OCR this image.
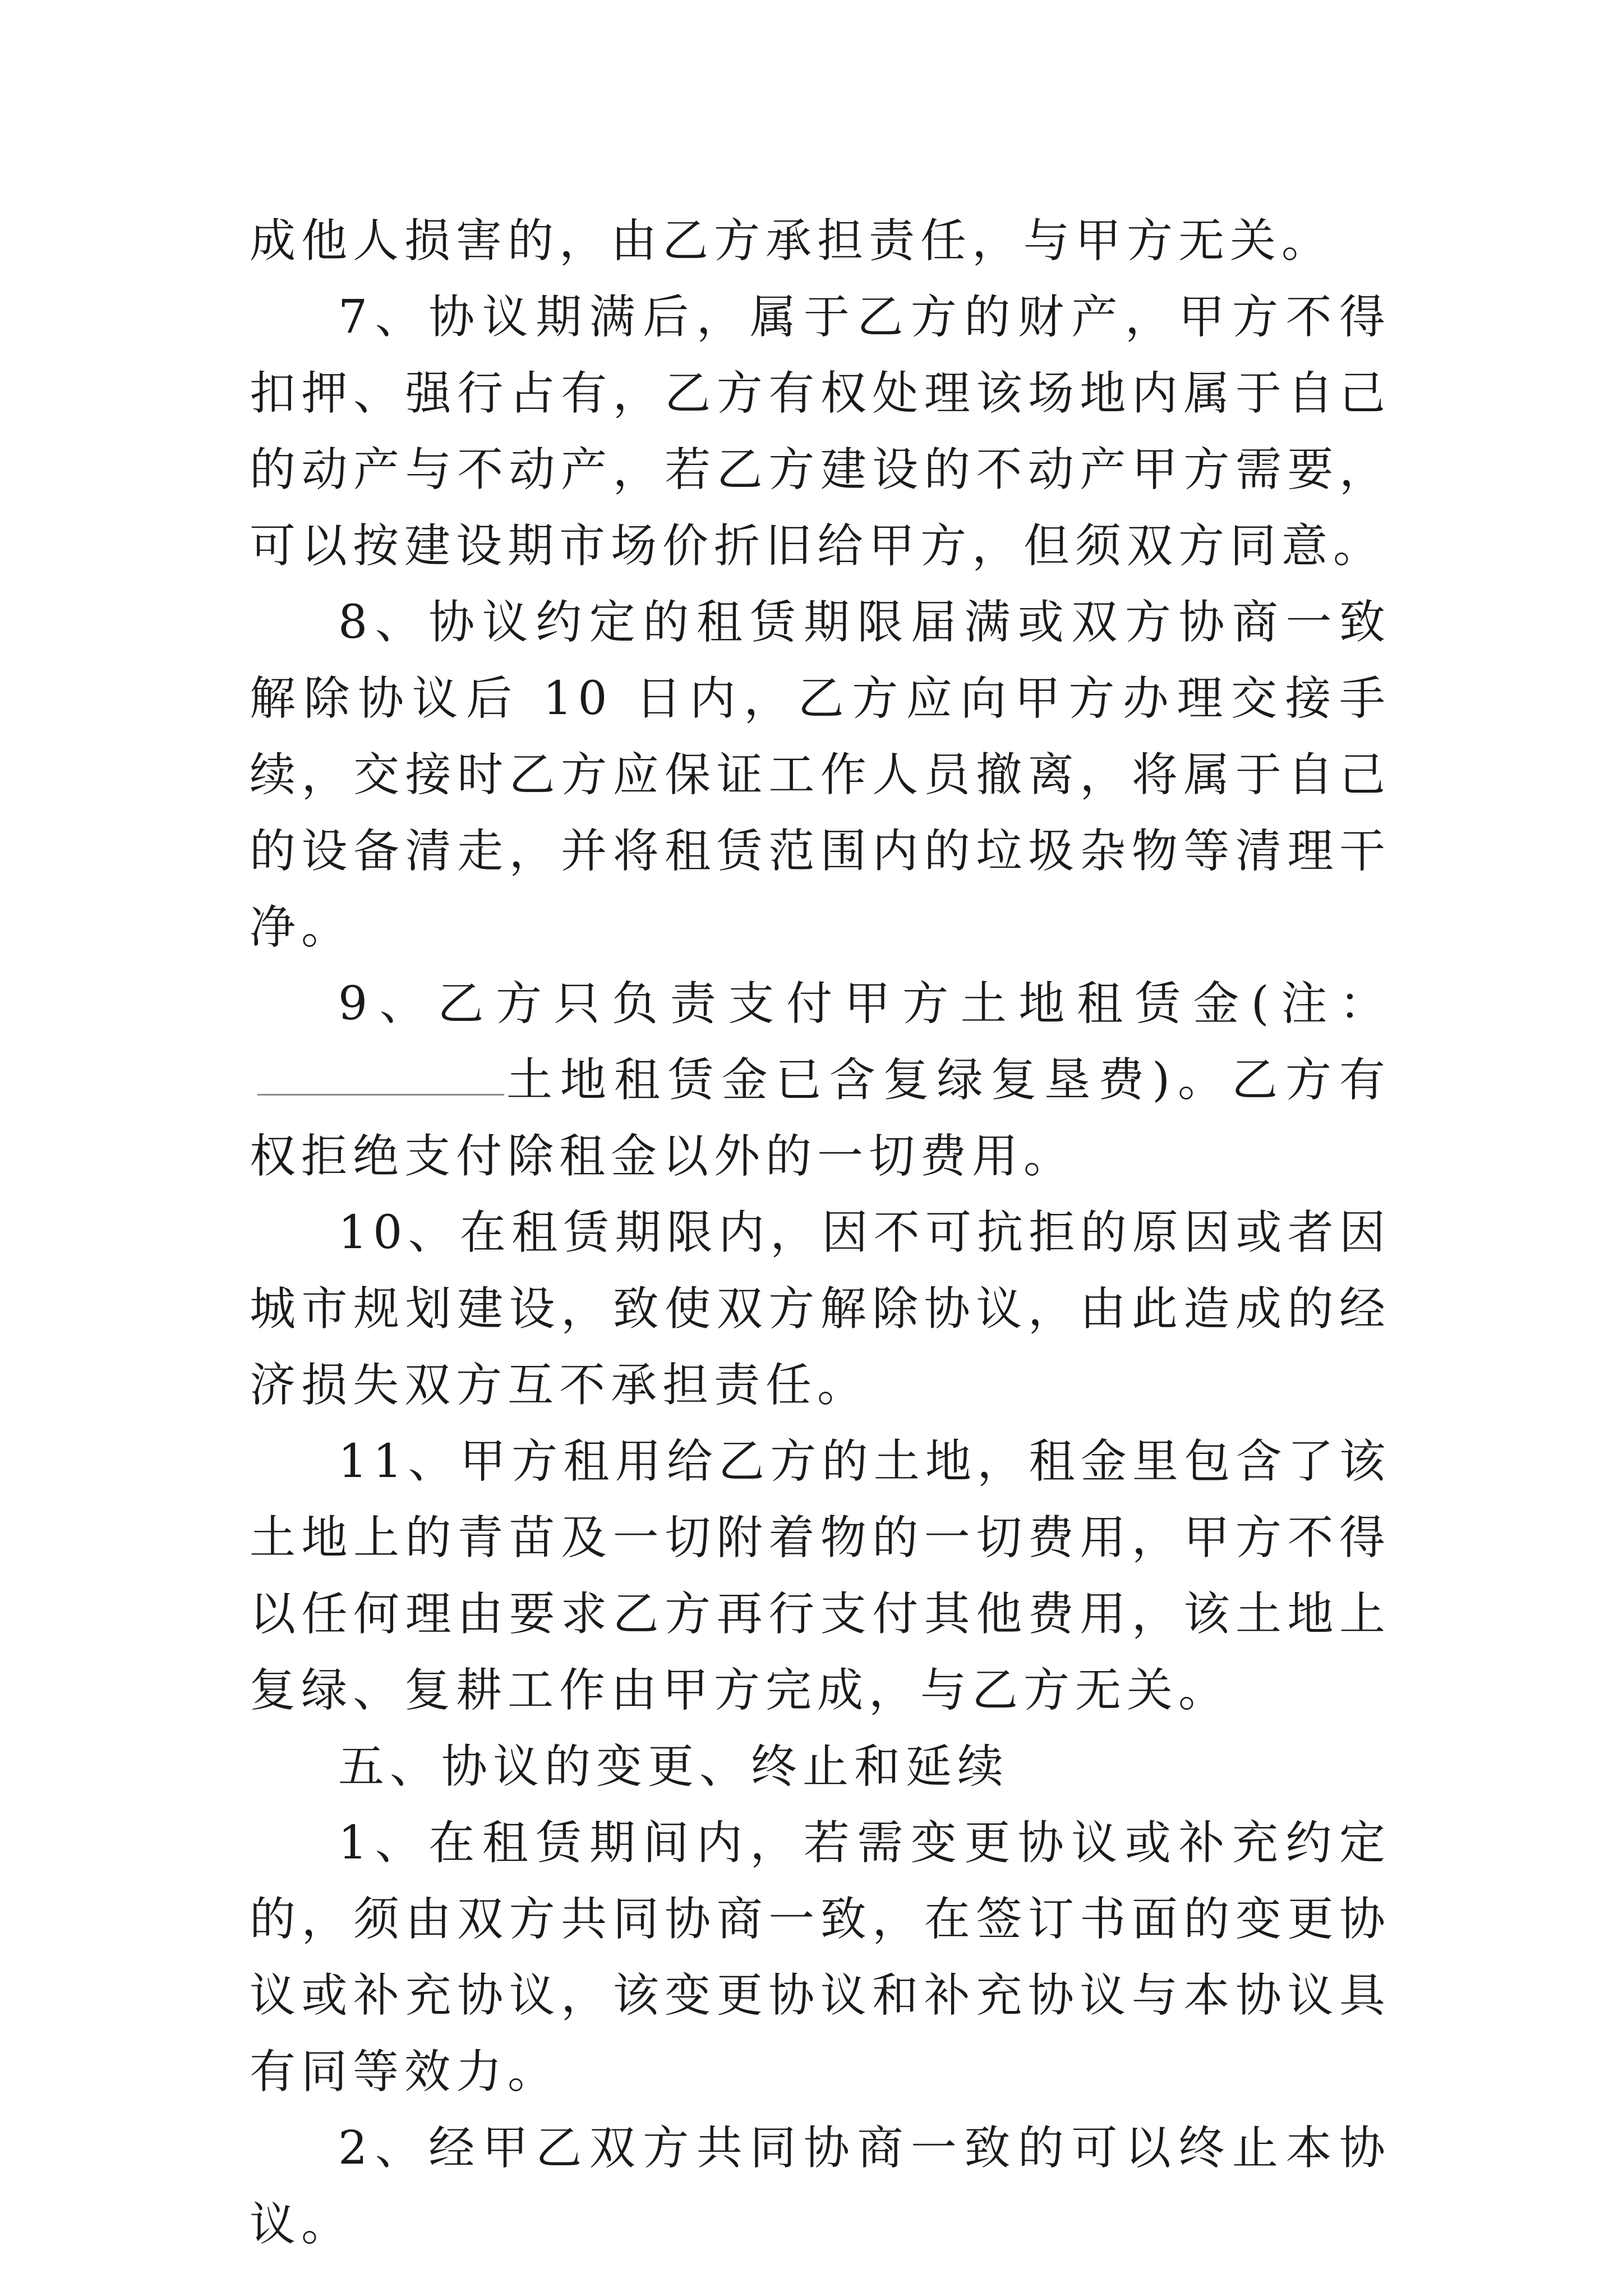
成他人损害的，由乙方承担责任，与甲方无关。

7、协议期满后，属于乙方的财产，甲方不得扣押、强行占有，乙方有权处理该场地内属于自己的动产与不动产，若乙方建设的不动产甲方需要，可以按建设期市场价折旧给甲方，但须双方同意。

8、协议约定的租赁期限届满或双方协商一致解除协议后 10 日内，乙方应向甲方办理交接手续，交接时乙方应保证工作人员撤离，将属于自己的设备清走，并将租赁范围内的垃圾杂物等清理干净。

9、乙方只负责支付甲方土地租赁金(注：土地租赁金已含复绿复垦费)。乙方有权拒绝支付除租金以外的一切费用。

10、在租赁期限内，因不可抗拒的原因或者因城市规划建设，致使双方解除协议，由此造成的经济损失双方互不承担责任。

11、甲方租用给乙方的土地，租金里包含了该土地上的青苗及一切附着物的一切费用，甲方不得以任何理由要求乙方再行支付其他费用，该土地上复绿、复耕工作由甲方完成，与乙方无关。

五、协议的变更、终止和延续

1、在租赁期间内，若需变更协议或补充约定的，须由双方共同协商一致，在签订书面的变更协议或补充协议，该变更协议和补充协议与本协议具有同等效力。

2、经甲乙双方共同协商一致的可以终止本协议。
